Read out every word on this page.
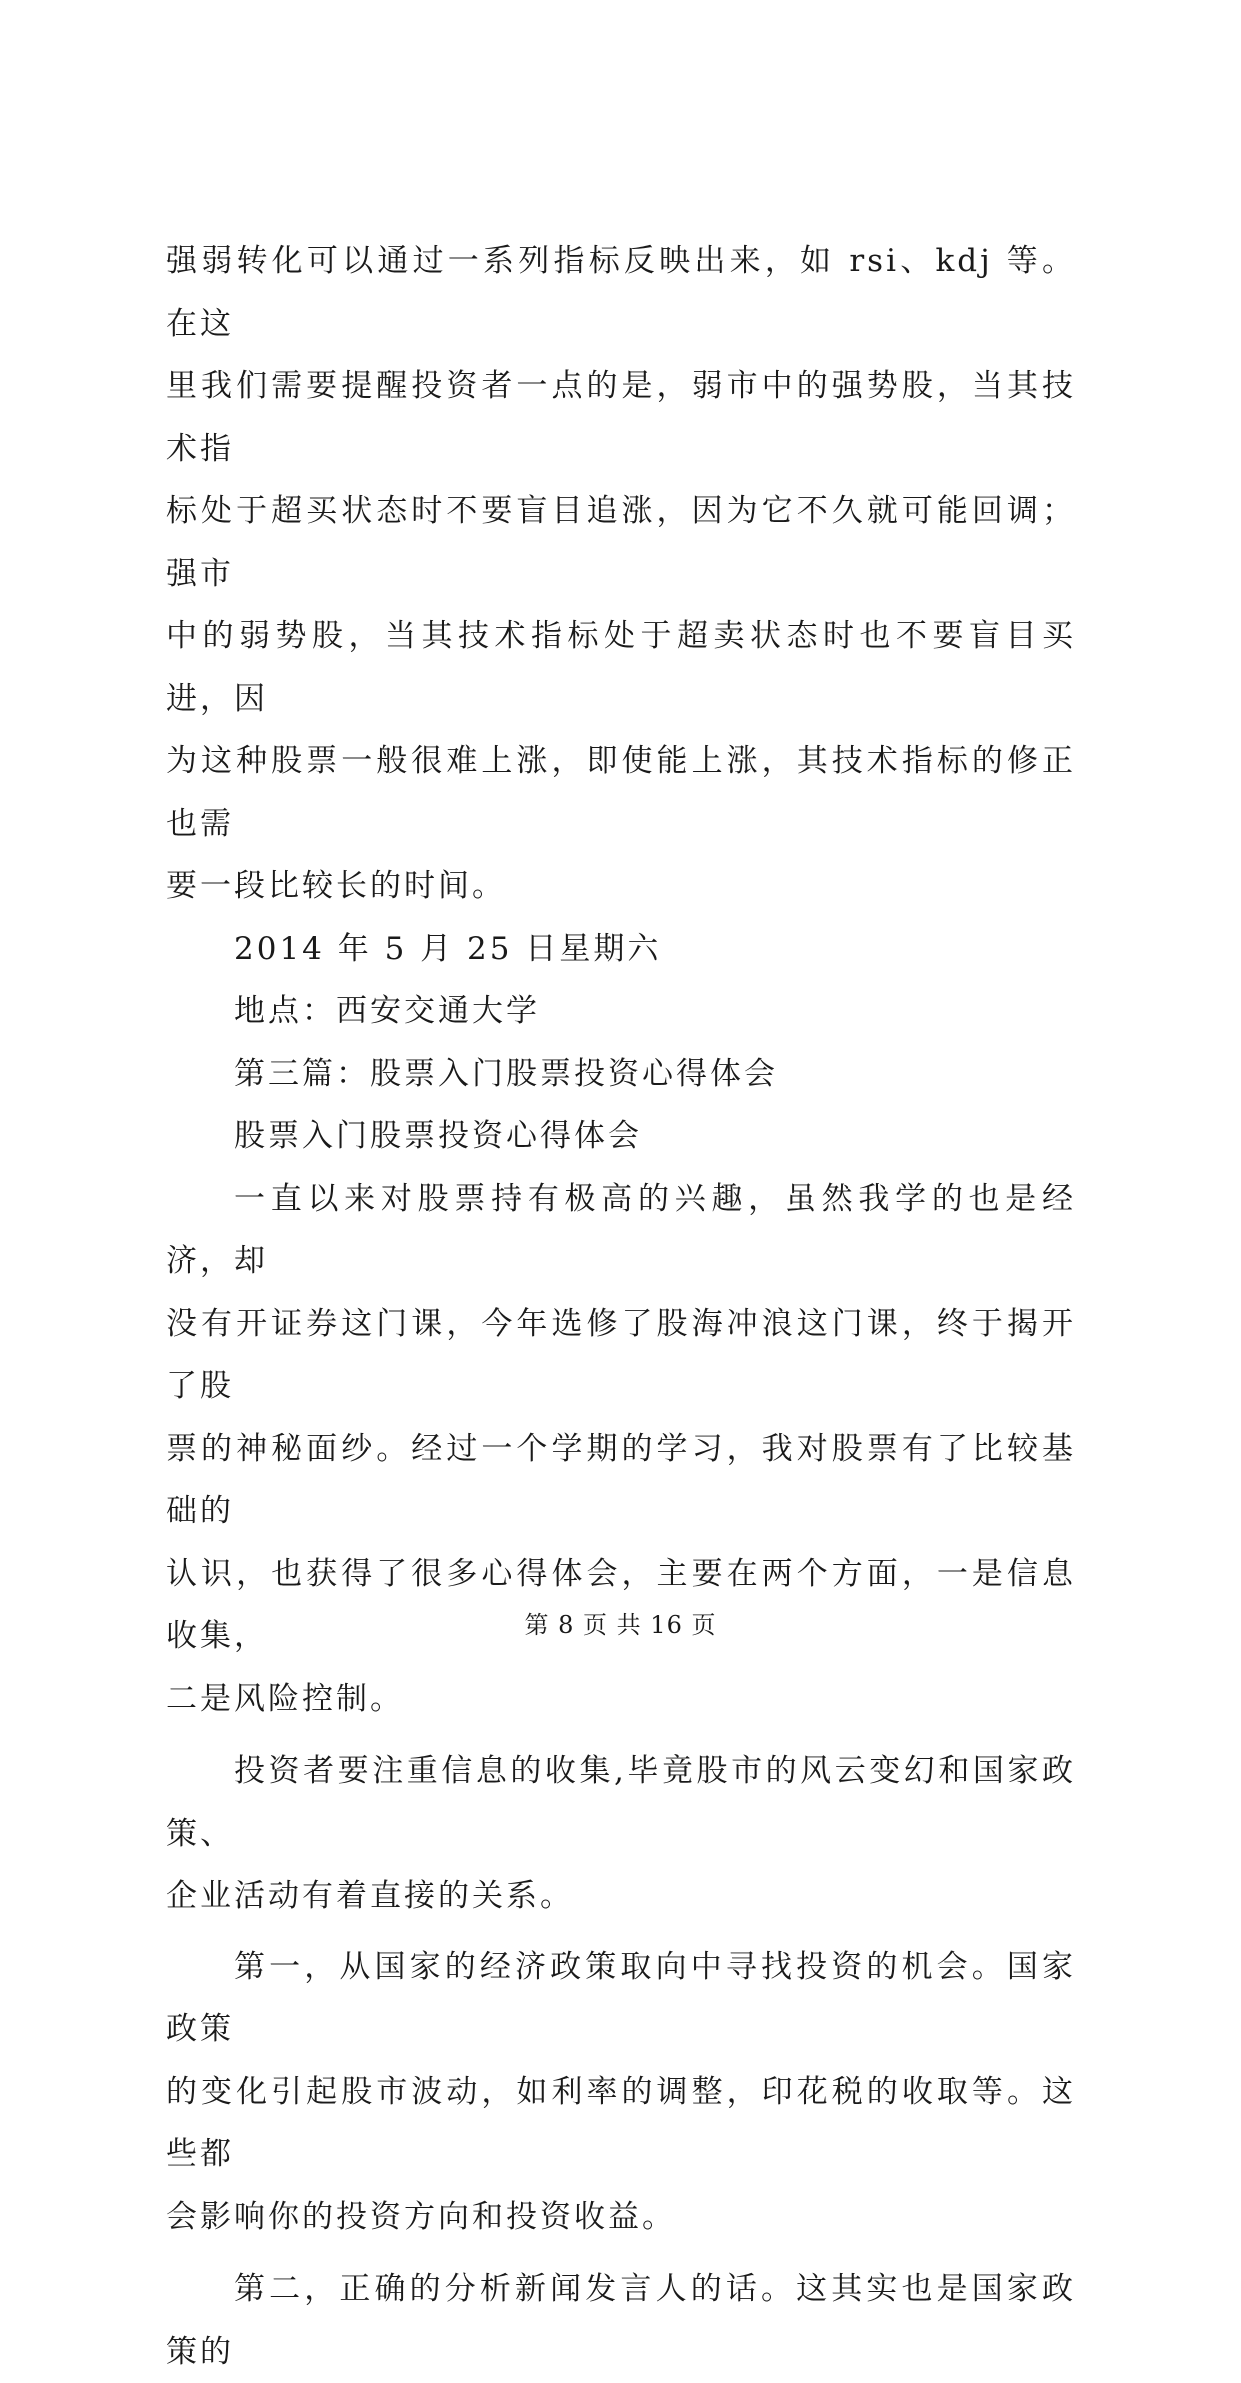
强弱转化可以通过一系列指标反映出来，如 rsi、kdj 等。在这

里我们需要提醒投资者一点的是，弱市中的强势股，当其技术指

标处于超买状态时不要盲目追涨，因为它不久就可能回调；强市

中的弱势股，当其技术指标处于超卖状态时也不要盲目买进，因

为这种股票一般很难上涨，即使能上涨，其技术指标的修正也需

要一段比较长的时间。

2014 年 5 月 25 日星期六

地点：西安交通大学

第三篇：股票入门股票投资心得体会

股票入门股票投资心得体会

一直以来对股票持有极高的兴趣，虽然我学的也是经济，却

没有开证券这门课，今年选修了股海冲浪这门课，终于揭开了股

票的神秘面纱。经过一个学期的学习，我对股票有了比较基础的

认识，也获得了很多心得体会，主要在两个方面，一是信息收集，

二是风险控制。

投资者要注重信息的收集,毕竟股市的风云变幻和国家政策、

企业活动有着直接的关系。

第一，从国家的经济政策取向中寻找投资的机会。国家政策

的变化引起股市波动，如利率的调整，印花税的收取等。这些都

会影响你的投资方向和投资收益。

第二，正确的分析新闻发言人的话。这其实也是国家政策的

第 8 页 共 16 页
